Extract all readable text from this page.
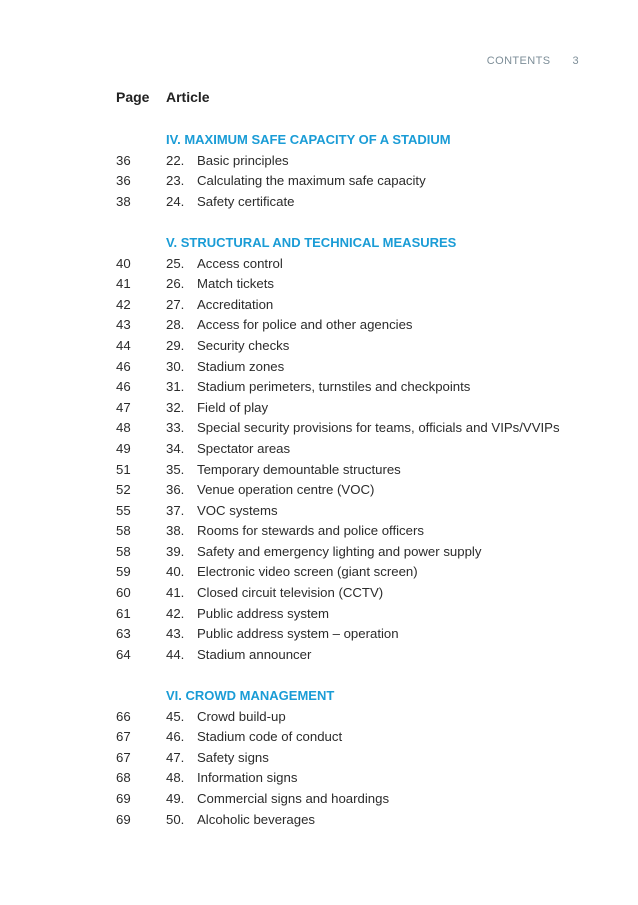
CONTENTS 3
Page Article
IV. MAXIMUM SAFE CAPACITY OF A STADIUM
36	22. Basic principles
36	23. Calculating the maximum safe capacity
38	24. Safety certificate
V. STRUCTURAL AND TECHNICAL MEASURES
40	25. Access control
41	26. Match tickets
42	27. Accreditation
43	28. Access for police and other agencies
44	29. Security checks
46	30. Stadium zones
46	31. Stadium perimeters, turnstiles and checkpoints
47	32. Field of play
48	33. Special security provisions for teams, officials and VIPs/VVIPs
49	34. Spectator areas
51	35. Temporary demountable structures
52	36. Venue operation centre (VOC)
55	37. VOC systems
58	38. Rooms for stewards and police officers
58	39. Safety and emergency lighting and power supply
59	40. Electronic video screen (giant screen)
60	41. Closed circuit television (CCTV)
61	42. Public address system
63	43. Public address system – operation
64	44. Stadium announcer
VI. CROWD MANAGEMENT
66	45. Crowd build-up
67	46. Stadium code of conduct
67	47. Safety signs
68	48. Information signs
69	49. Commercial signs and hoardings
69	50. Alcoholic beverages
